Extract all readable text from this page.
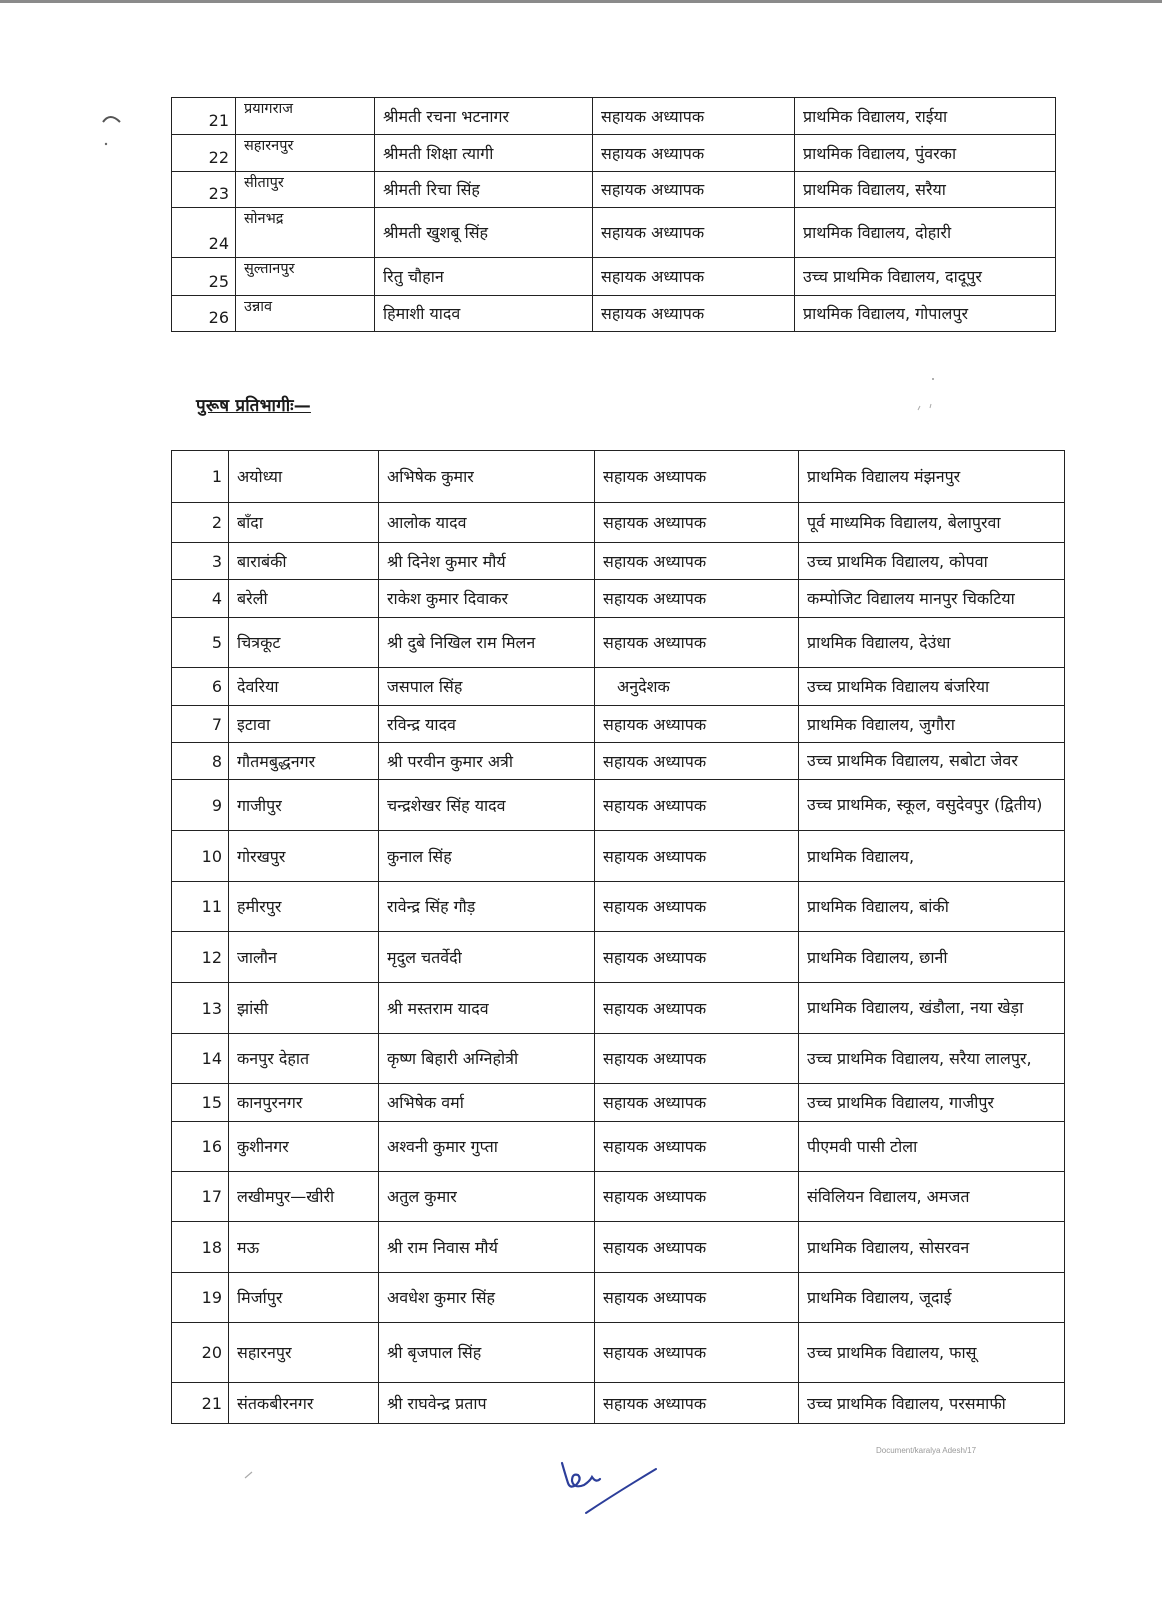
21	प्रयागराज	श्रीमती रचना भटनागर	सहायक अध्यापक	प्राथमिक विद्यालय, राईया
22	सहारनपुर	श्रीमती शिक्षा त्यागी	सहायक अध्यापक	प्राथमिक विद्यालय, पुंवरका
23	सीतापुर	श्रीमती रिचा सिंह	सहायक अध्यापक	प्राथमिक विद्यालय, सरैया
24	सोनभद्र	श्रीमती खुशबू सिंह	सहायक अध्यापक	प्राथमिक विद्यालय, दोहारी
25	सुल्तानपुर	रितु चौहान	सहायक अध्यापक	उच्च प्राथमिक विद्यालय, दादूपुर
26	उन्नाव	हिमाशी यादव	सहायक अध्यापक	प्राथमिक विद्यालय, गोपालपुर
पुरूष प्रतिभागीः—
1	अयोध्या	अभिषेक कुमार	सहायक अध्यापक	प्राथमिक विद्यालय मंझनपुर
2	बाँदा	आलोक यादव	सहायक अध्यापक	पूर्व माध्यमिक विद्यालय, बेलापुरवा
3	बाराबंकी	श्री दिनेश कुमार मौर्य	सहायक अध्यापक	उच्च प्राथमिक विद्यालय, कोपवा
4	बरेली	राकेश कुमार दिवाकर	सहायक अध्यापक	कम्पोजिट विद्यालय मानपुर चिकटिया
5	चित्रकूट	श्री दुबे निखिल राम मिलन	सहायक अध्यापक	प्राथमिक विद्यालय, देउंधा
6	देवरिया	जसपाल सिंह	अनुदेशक	उच्च प्राथमिक विद्यालय बंजरिया
7	इटावा	रविन्द्र यादव	सहायक अध्यापक	प्राथमिक विद्यालय, जुगौरा
8	गौतमबुद्धनगर	श्री परवीन कुमार अत्री	सहायक अध्यापक	उच्च प्राथमिक विद्यालय, सबोटा जेवर
9	गाजीपुर	चन्द्रशेखर सिंह यादव	सहायक अध्यापक	उच्च प्राथमिक, स्कूल, वसुदेवपुर (द्वितीय)
10	गोरखपुर	कुनाल सिंह	सहायक अध्यापक	प्राथमिक विद्यालय,
11	हमीरपुर	रावेन्द्र सिंह गौड़	सहायक अध्यापक	प्राथमिक विद्यालय, बांकी
12	जालौन	मृदुल चतर्वेदी	सहायक अध्यापक	प्राथमिक विद्यालय, छानी
13	झांसी	श्री मस्तराम यादव	सहायक अध्यापक	प्राथमिक विद्यालय, खंडौला, नया खेड़ा
14	कनपुर देहात	कृष्ण बिहारी अग्निहोत्री	सहायक अध्यापक	उच्च प्राथमिक विद्यालय, सरैया लालपुर,
15	कानपुरनगर	अभिषेक वर्मा	सहायक अध्यापक	उच्च प्राथमिक विद्यालय, गाजीपुर
16	कुशीनगर	अश्वनी कुमार गुप्ता	सहायक अध्यापक	पीएमवी पासी टोला
17	लखीमपुर—खीरी	अतुल कुमार	सहायक अध्यापक	संविलियन विद्यालय, अमजत
18	मऊ	श्री राम निवास मौर्य	सहायक अध्यापक	प्राथमिक विद्यालय, सोसरवन
19	मिर्जापुर	अवधेश कुमार सिंह	सहायक अध्यापक	प्राथमिक विद्यालय, जूदाई
20	सहारनपुर	श्री बृजपाल सिंह	सहायक अध्यापक	उच्च प्राथमिक विद्यालय, फासू
21	संतकबीरनगर	श्री राघवेन्द्र प्रताप	सहायक अध्यापक	उच्च प्राथमिक विद्यालय, परसमाफी
Document/karalya Adesh/17
